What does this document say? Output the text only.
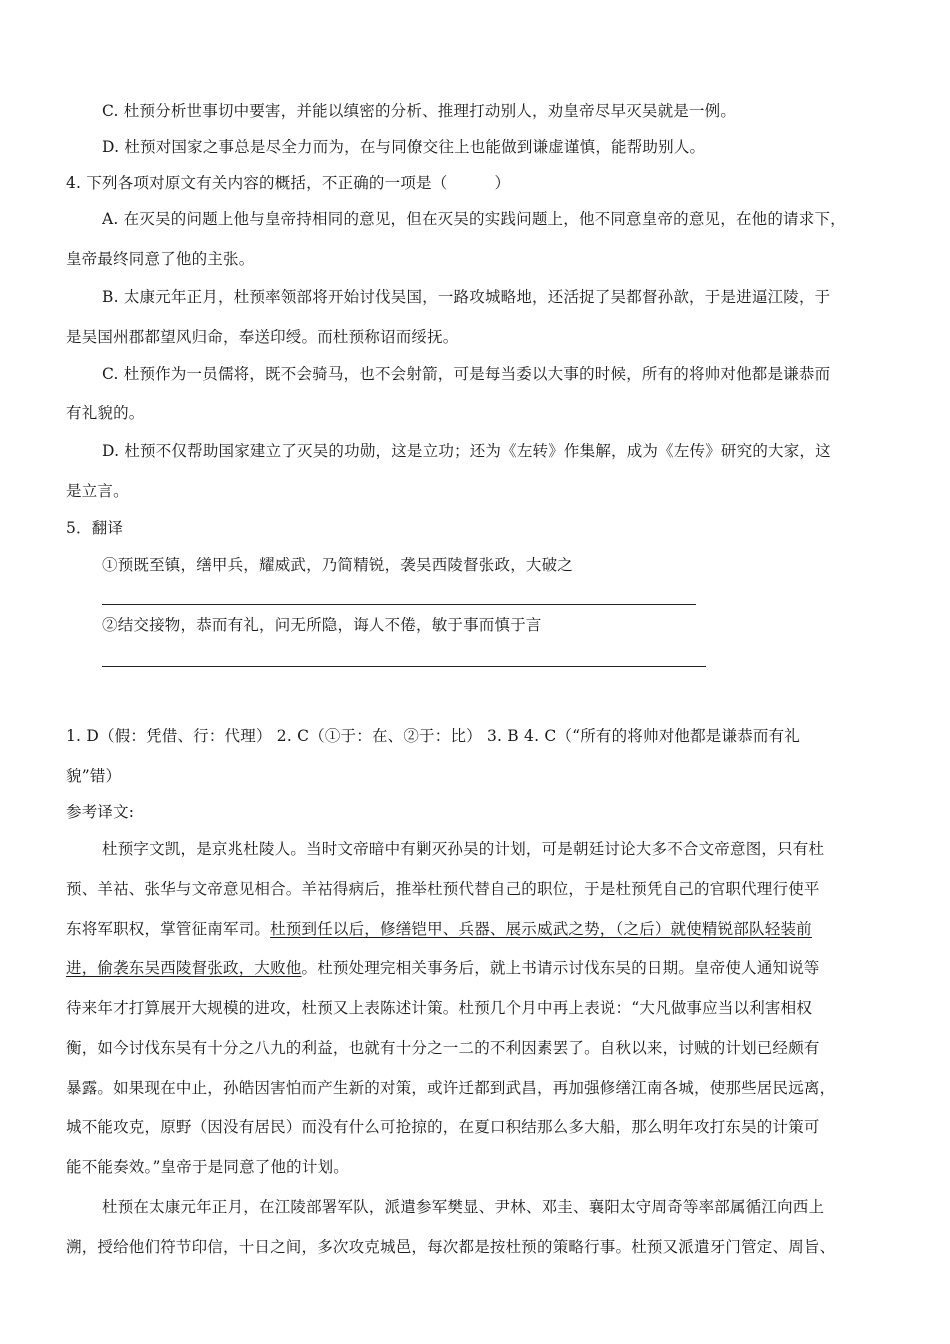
C. 杜预分析世事切中要害，并能以缜密的分析、推理打动别人，劝皇帝尽早灭吴就是一例。
D. 杜预对国家之事总是尽全力而为，在与同僚交往上也能做到谦虚谨慎，能帮助别人。
4. 下列各项对原文有关内容的概括，不正确的一项是（　　　）
A. 在灭吴的问题上他与皇帝持相同的意见，但在灭吴的实践问题上，他不同意皇帝的意见，在他的请求下，
皇帝最终同意了他的主张。
B. 太康元年正月，杜预率领部将开始讨伐吴国，一路攻城略地，还活捉了吴都督孙歆，于是进逼江陵，于
是吴国州郡都望风归命，奉送印绶。而杜预称诏而绥抚。
C. 杜预作为一员儒将，既不会骑马，也不会射箭，可是每当委以大事的时候，所有的将帅对他都是谦恭而
有礼貌的。
D. 杜预不仅帮助国家建立了灭吴的功勋，这是立功；还为《左转》作集解，成为《左传》研究的大家，这
是立言。
5．翻译
①预既至镇，缮甲兵，耀威武，乃简精锐，袭吴西陵督张政，大破之
②结交接物，恭而有礼，问无所隐，诲人不倦，敏于事而慎于言
1. D（假：凭借、行：代理） 2. C（①于：在、②于：比） 3. B 4. C（“所有的将帅对他都是谦恭而有礼
貌”错）
参考译文:
杜预字文凯，是京兆杜陵人。当时文帝暗中有剿灭孙吴的计划，可是朝廷讨论大多不合文帝意图，只有杜
预、羊祜、张华与文帝意见相合。羊祜得病后，推举杜预代替自己的职位，于是杜预凭自己的官职代理行使平
东将军职权，掌管征南军司。杜预到任以后，修缮铠甲、兵器、展示威武之势，（之后）就使精锐部队轻装前
进，偷袭东吴西陵督张政，大败他。杜预处理完相关事务后，就上书请示讨伐东吴的日期。皇帝使人通知说等
待来年才打算展开大规模的进攻，杜预又上表陈述计策。杜预几个月中再上表说：“大凡做事应当以利害相权
衡，如今讨伐东吴有十分之八九的利益，也就有十分之一二的不利因素罢了。自秋以来，讨贼的计划已经颇有
暴露。如果现在中止，孙皓因害怕而产生新的对策，或许迁都到武昌，再加强修缮江南各城，使那些居民远离，
城不能攻克，原野（因没有居民）而没有什么可抢掠的，在夏口积结那么多大船，那么明年攻打东吴的计策可
能不能奏效。”皇帝于是同意了他的计划。
杜预在太康元年正月，在江陵部署军队，派遣参军樊显、尹林、邓圭、襄阳太守周奇等率部属循江向西上
溯，授给他们符节印信，十日之间，多次攻克城邑，每次都是按杜预的策略行事。杜预又派遣牙门管定、周旨、
